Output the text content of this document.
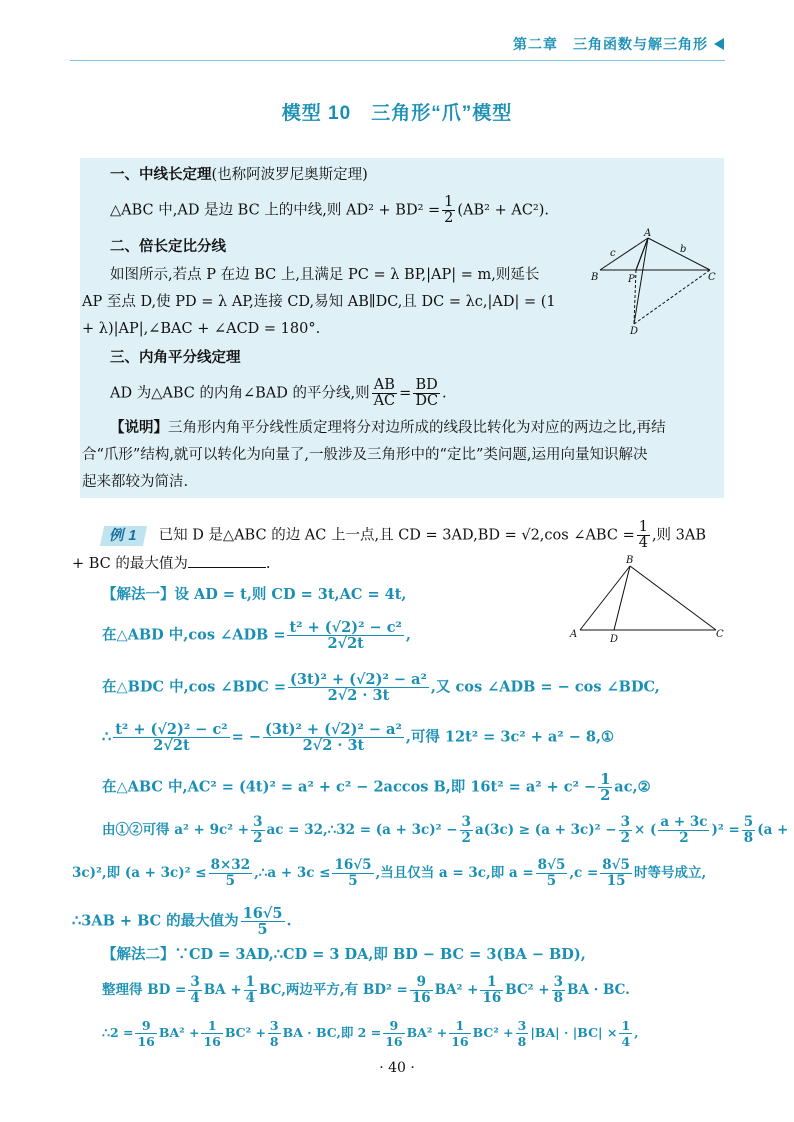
第二章　三角函数与解三角形
模型 10　三角形“爪”模型
一、中线长定理(也称阿波罗尼奥斯定理)
△ABC 中,AD 是边 BC 上的中线,则 $AD^2 + BD^2 = \frac{1}{2} (AB^2 + AC^2)$.
二、倍长定比分线
如图所示,若点 P 在边 BC 上,且满足 PC = λ BP,|AP| = m,则延长
AP 至点 D,使 PD = λ AP,连接 CD,易知 AB∥DC,且 DC = λc,|AD| = (1
+ λ)|AP|,∠BAC + ∠ACD = 180°.
A
B	C
P
D
c	b
三、内角平分线定理
AD 为△ABC 的内角∠BAD 的平分线,则 $\frac{AB}{AC} = \frac{BD}{DC}$ .
【说明】三角形内角平分线性质定理将分对边所成的线段比转化为对应的两边之比,再结
合“爪形”结构,就可以转化为向量了,一般涉及三角形中的“定比”类问题,运用向量知识解决
起来都较为简洁.
例 1 已知 D 是△ABC 的边 AC 上一点,且 CD = 3AD,BD = √2,cos ∠ABC = $\frac{1}{4}$ ,则 3AB
+ BC 的最大值为	.	B
A	C
D
【解法一】设 AD = t,则 CD = 3t,AC = 4t,
在△ABD 中,cos ∠ADB = $\frac{\text{t² + (√2)² − c²}}{2√2t}$ ,
在△BDC 中,cos ∠BDC = $\frac{\text{(3t)² + (√2)² − a²}}{2√2 \cdot 3t}$ ,又 cos ∠ADB = − cos ∠BDC,
∴ $\frac{\text{t² + (√2)² − c²}}{2√2t}$ = − $\frac{\text{(3t)² + (√2)² − a²}}{2√2 \cdot 3t}$ ,可得 12t² = 3c² + a² − 8,①
在△ABC 中,AC² = (4t)² = a² + c² − 2accos B,即 $16t^2 = a^2 + c^2 - \frac{1}{2}$ ac,②
由①②可得 $a^2 + 9c^2 + \frac{3}{2}$ ac = 32,∴32 = $(a + 3c)^2 - \frac{3}{2} a(3c) \ge (a + 3c)^2 - \frac{3}{2}$ × ( $\frac{a + 3c}{2} )^2 = \frac{5}{8} (a$ +
3c)²,即 $(a + 3c)^2 \le \frac{8\times 32}{5}$ ,∴a + $3c \le \frac{16√5}{5}$ ,当且仅当 a = 3c,即 $a = \frac{8√5}{5} ,c = \frac{8√5}{15}$ 时等号成立,
∴3AB + BC 的最大值为 $\frac{16√5}{5}$ .
【解法二】∵CD = 3AD,∴CD = 3 DA,即 BD − BC = 3(BA − BD),
整理得 BD = $\frac{3}{4}$ BA + $\frac{1}{4}$ BC,两边平方,有 $BD^2 = \frac{9}{16} BA^2 + \frac{1}{16} BC^2 + \frac{3}{8}$ BA · BC.
∴2 = $\frac{9}{16} BA^2 + \frac{1}{16} BC^2 + \frac{3}{8}$ BA · BC,即 $2 = \frac{9}{16} BA^2 + \frac{1}{16} BC^2 + \frac{3}{8} |BA| \cdot |BC| \times \frac{1}{4}$ ,
· 40 ·
